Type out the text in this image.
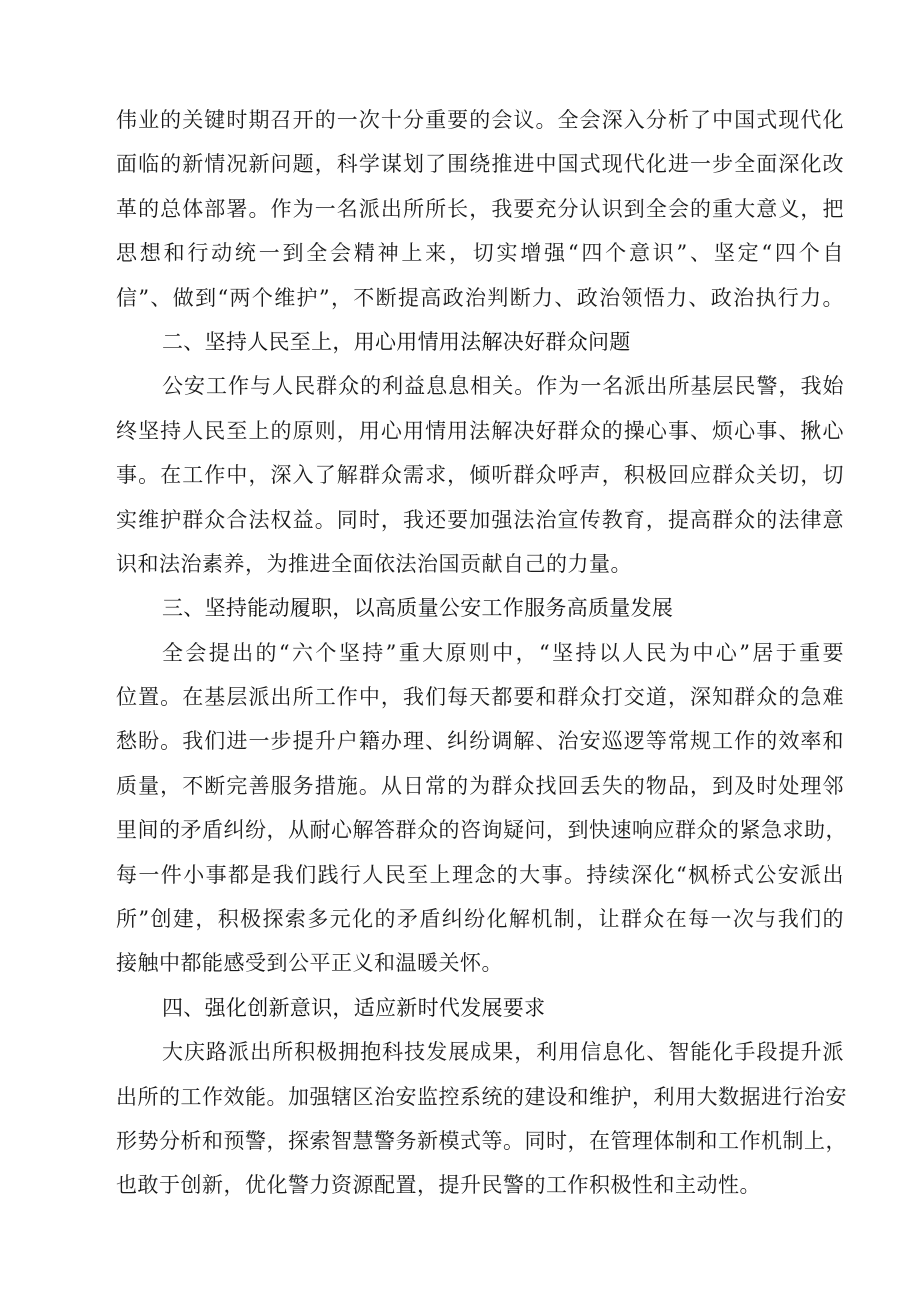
伟业的关键时期召开的一次十分重要的会议。全会深入分析了中国式现代化
面临的新情况新问题，科学谋划了围绕推进中国式现代化进一步全面深化改
革的总体部署。作为一名派出所所长，我要充分认识到全会的重大意义，把
思想和行动统一到全会精神上来，切实增强“四个意识”、坚定“四个自
信”、做到“两个维护”，不断提高政治判断力、政治领悟力、政治执行力。
二、坚持人民至上，用心用情用法解决好群众问题
公安工作与人民群众的利益息息相关。作为一名派出所基层民警，我始
终坚持人民至上的原则，用心用情用法解决好群众的操心事、烦心事、揪心
事。在工作中，深入了解群众需求，倾听群众呼声，积极回应群众关切，切
实维护群众合法权益。同时，我还要加强法治宣传教育，提高群众的法律意
识和法治素养，为推进全面依法治国贡献自己的力量。
三、坚持能动履职，以高质量公安工作服务高质量发展
全会提出的“六个坚持”重大原则中，“坚持以人民为中心”居于重要
位置。在基层派出所工作中，我们每天都要和群众打交道，深知群众的急难
愁盼。我们进一步提升户籍办理、纠纷调解、治安巡逻等常规工作的效率和
质量，不断完善服务措施。从日常的为群众找回丢失的物品，到及时处理邻
里间的矛盾纠纷，从耐心解答群众的咨询疑问，到快速响应群众的紧急求助，
每一件小事都是我们践行人民至上理念的大事。持续深化“枫桥式公安派出
所”创建，积极探索多元化的矛盾纠纷化解机制，让群众在每一次与我们的
接触中都能感受到公平正义和温暖关怀。
四、强化创新意识，适应新时代发展要求
大庆路派出所积极拥抱科技发展成果，利用信息化、智能化手段提升派
出所的工作效能。加强辖区治安监控系统的建设和维护，利用大数据进行治安
形势分析和预警，探索智慧警务新模式等。同时，在管理体制和工作机制上，
也敢于创新，优化警力资源配置，提升民警的工作积极性和主动性。
